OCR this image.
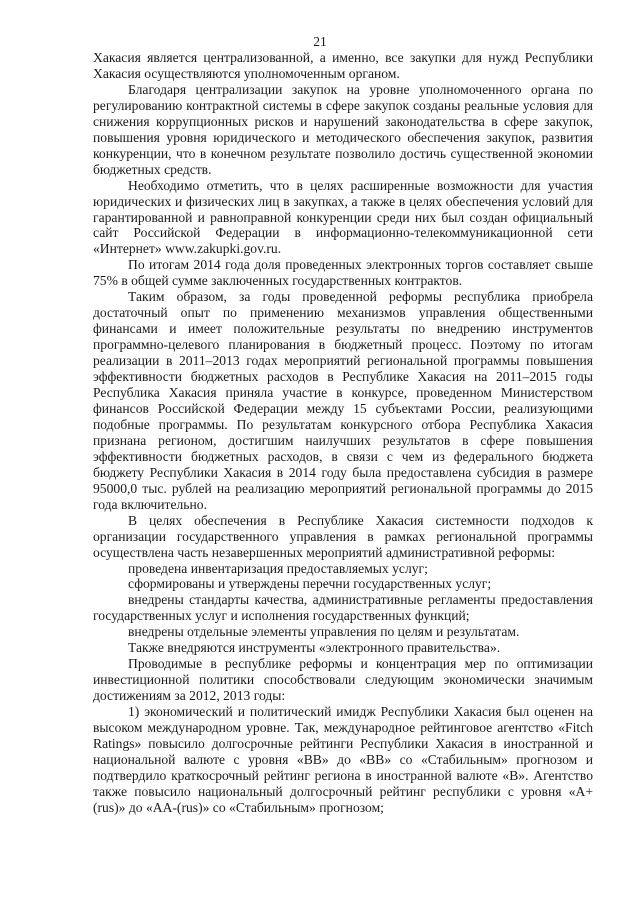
21

Хакасия является централизованной, а именно, все закупки для нужд Республики Хакасия осуществляются уполномоченным органом.

Благодаря централизации закупок на уровне уполномоченного органа по регулированию контрактной системы в сфере закупок созданы реальные условия для снижения коррупционных рисков и нарушений законодательства в сфере закупок, повышения уровня юридического и методического обеспечения закупок, развития конкуренции, что в конечном результате позволило достичь существенной экономии бюджетных средств.

Необходимо отметить, что в целях расширенные возможности для участия юридических и физических лиц в закупках, а также в целях обеспечения условий для гарантированной и равноправной конкуренции среди них был создан официальный сайт Российской Федерации в информационно-телекоммуникационной сети «Интернет» www.zakupki.gov.ru.

По итогам 2014 года доля проведенных электронных торгов составляет свыше 75% в общей сумме заключенных государственных контрактов.

Таким образом, за годы проведенной реформы республика приобрела достаточный опыт по применению механизмов управления общественными финансами и имеет положительные результаты по внедрению инструментов программно-целевого планирования в бюджетный процесс. Поэтому по итогам реализации в 2011–2013 годах мероприятий региональной программы повышения эффективности бюджетных расходов в Республике Хакасия на 2011–2015 годы Республика Хакасия приняла участие в конкурсе, проведенном Министерством финансов Российской Федерации между 15 субъектами России, реализующими подобные программы. По результатам конкурсного отбора Республика Хакасия признана регионом, достигшим наилучших результатов в сфере повышения эффективности бюджетных расходов, в связи с чем из федерального бюджета бюджету Республики Хакасия в 2014 году была предоставлена субсидия в размере 95000,0 тыс. рублей на реализацию мероприятий региональной программы до 2015 года включительно.

В целях обеспечения в Республике Хакасия системности подходов к организации государственного управления в рамках региональной программы осуществлена часть незавершенных мероприятий административной реформы:

проведена инвентаризация предоставляемых услуг;

сформированы и утверждены перечни государственных услуг;

внедрены стандарты качества, административные регламенты предоставления государственных услуг и исполнения государственных функций;

внедрены отдельные элементы управления по целям и результатам.

Также внедряются инструменты «электронного правительства».

Проводимые в республике реформы и концентрация мер по оптимизации инвестиционной политики способствовали следующим экономически значимым достижениям за 2012, 2013 годы:

1) экономический и политический имидж Республики Хакасия был оценен на высоком международном уровне. Так, международное рейтинговое агентство «Fitch Ratings» повысило долгосрочные рейтинги Республики Хакасия в иностранной и национальной валюте с уровня «BB» до «BB» со «Стабильным» прогнозом и подтвердило краткосрочный рейтинг региона в иностранной валюте «B». Агентство также повысило национальный долгосрочный рейтинг республики с уровня «A+(rus)» до «AA-(rus)» со «Стабильным» прогнозом;
